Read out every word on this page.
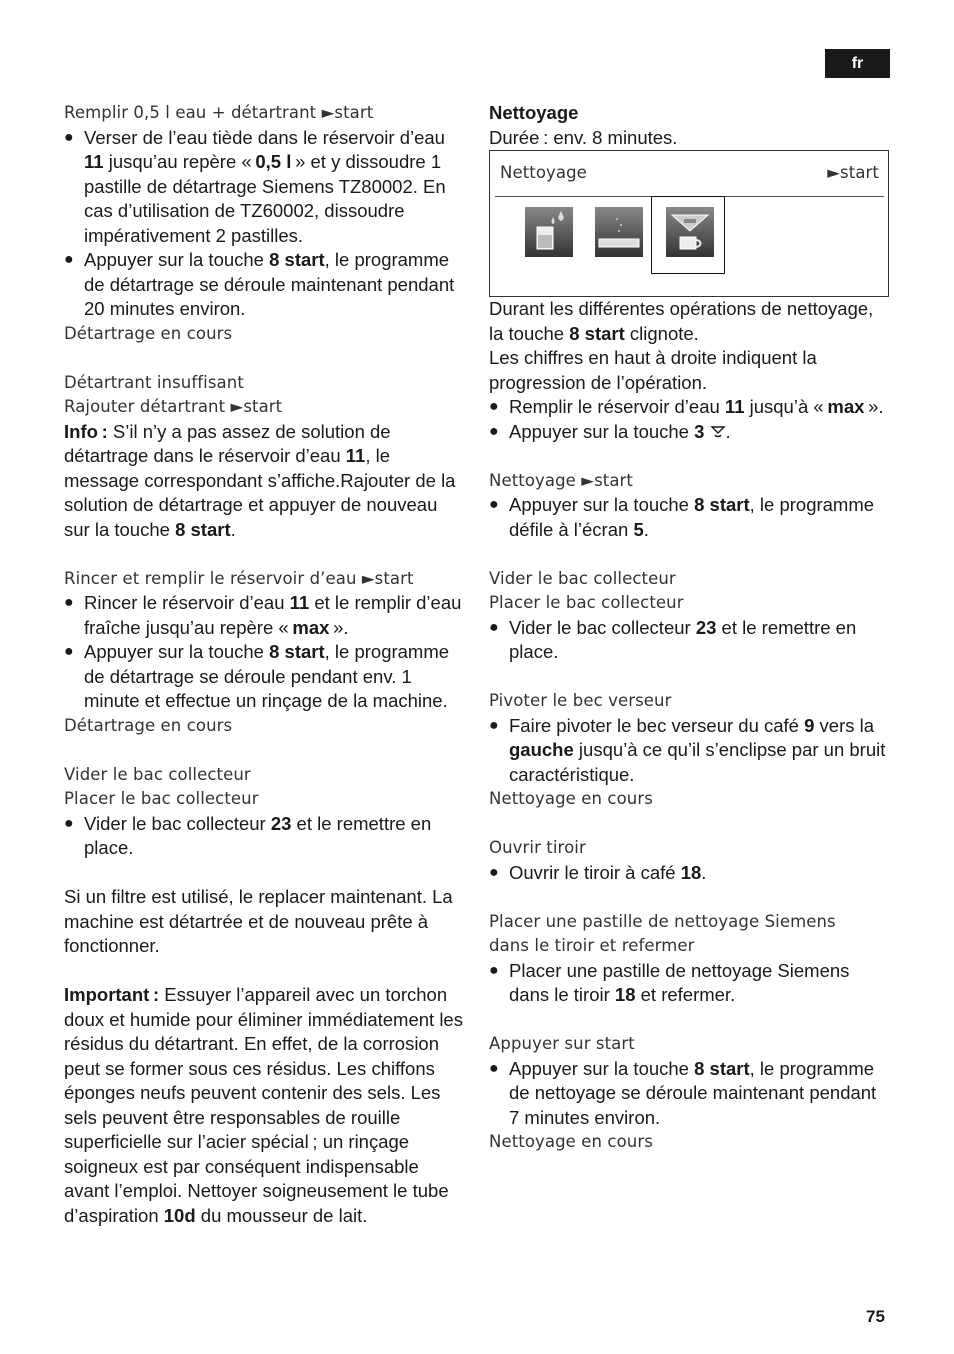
fr

Remplir 0,5 l eau + détartrant ►start

● Verser de l’eau tiède dans le réservoir d’eau 11 jusqu’au repère « 0,5 l » et y dissoudre 1 pastille de détartrage Siemens TZ80002. En cas d’utilisation de TZ60002, dissoudre impérativement 2 pastilles.
● Appuyer sur la touche 8 start, le programme de détartrage se déroule maintenant pendant 20 minutes environ.

Détartrage en cours

Détartrant insuffisant

Rajouter détartrant ►start

Info : S’il n’y a pas assez de solution de détartrage dans le réservoir d’eau 11, le message correspondant s’affiche.Rajouter de la solution de détartrage et appuyer de nouveau sur la touche 8 start.

Rincer et remplir le réservoir d’eau ►start

● Rincer le réservoir d’eau 11 et le remplir d’eau fraîche jusqu’au repère « max ».
● Appuyer sur la touche 8 start, le programme de détartrage se déroule pendant env. 1 minute et effectue un rinçage de la machine.

Détartrage en cours

Vider le bac collecteur

Placer le bac collecteur

● Vider le bac collecteur 23 et le remettre en place.

Si un filtre est utilisé, le replacer maintenant. La machine est détartrée et de nouveau prête à fonctionner.

Important : Essuyer l’appareil avec un torchon doux et humide pour éliminer immédiatement les résidus du détartrant. En effet, de la corrosion peut se former sous ces résidus. Les chiffons éponges neufs peuvent contenir des sels. Les sels peuvent être responsables de rouille superficielle sur l’acier spécial ; un rinçage soigneux est par conséquent indispensable avant l’emploi. Nettoyer soigneusement le tube d’aspiration 10d du mousseur de lait.

Nettoyage

Durée : env. 8 minutes.

Nettoyage	►start

Durant les différentes opérations de nettoyage, la touche 8 start clignote.

Les chiffres en haut à droite indiquent la progression de l’opération.

● Remplir le réservoir d’eau 11 jusqu’à « max ».
● Appuyer sur la touche 3 .

Nettoyage ►start

● Appuyer sur la touche 8 start, le programme défile à l’écran 5.

Vider le bac collecteur

Placer le bac collecteur

● Vider le bac collecteur 23 et le remettre en place.

Pivoter le bec verseur

● Faire pivoter le bec verseur du café 9 vers la gauche jusqu’à ce qu’il s’enclipse par un bruit caractéristique.

Nettoyage en cours

Ouvrir tiroir

● Ouvrir le tiroir à café 18.

Placer une pastille de nettoyage Siemens

dans le tiroir et refermer

● Placer une pastille de nettoyage Siemens dans le tiroir 18 et refermer.

Appuyer sur start

● Appuyer sur la touche 8 start, le programme de nettoyage se déroule maintenant pendant 7 minutes environ.

Nettoyage en cours

75
